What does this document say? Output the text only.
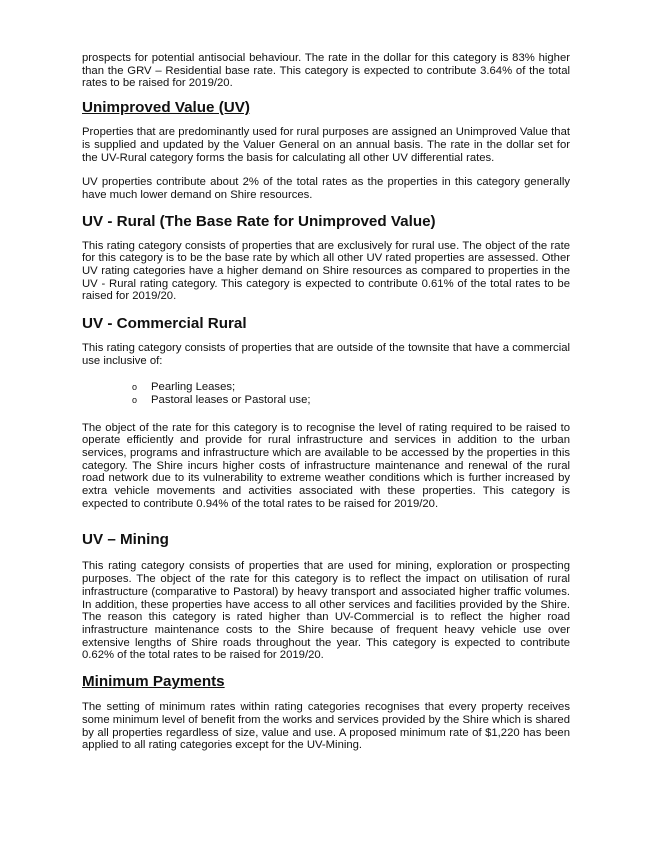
prospects for potential antisocial behaviour. The rate in the dollar for this category is 83% higher than the GRV – Residential base rate. This category is expected to contribute 3.64% of the total rates to be raised for 2019/20.

Unimproved Value (UV)

Properties that are predominantly used for rural purposes are assigned an Unimproved Value that is supplied and updated by the Valuer General on an annual basis. The rate in the dollar set for the UV-Rural category forms the basis for calculating all other UV differential rates.

UV properties contribute about 2% of the total rates as the properties in this category generally have much lower demand on Shire resources.

UV - Rural (The Base Rate for Unimproved Value)

This rating category consists of properties that are exclusively for rural use. The object of the rate for this category is to be the base rate by which all other UV rated properties are assessed. Other UV rating categories have a higher demand on Shire resources as compared to properties in the UV - Rural rating category. This category is expected to contribute 0.61% of the total rates to be raised for 2019/20.

UV - Commercial Rural

This rating category consists of properties that are outside of the townsite that have a commercial use inclusive of:

o Pearling Leases;
o Pastoral leases or Pastoral use;

The object of the rate for this category is to recognise the level of rating required to be raised to operate efficiently and provide for rural infrastructure and services in addition to the urban services, programs and infrastructure which are available to be accessed by the properties in this category. The Shire incurs higher costs of infrastructure maintenance and renewal of the rural road network due to its vulnerability to extreme weather conditions which is further increased by extra vehicle movements and activities associated with these properties. This category is expected to contribute 0.94% of the total rates to be raised for 2019/20.

UV – Mining

This rating category consists of properties that are used for mining, exploration or prospecting purposes. The object of the rate for this category is to reflect the impact on utilisation of rural infrastructure (comparative to Pastoral) by heavy transport and associated higher traffic volumes. In addition, these properties have access to all other services and facilities provided by the Shire. The reason this category is rated higher than UV-Commercial is to reflect the higher road infrastructure maintenance costs to the Shire because of frequent heavy vehicle use over extensive lengths of Shire roads throughout the year. This category is expected to contribute 0.62% of the total rates to be raised for 2019/20.

Minimum Payments

The setting of minimum rates within rating categories recognises that every property receives some minimum level of benefit from the works and services provided by the Shire which is shared by all properties regardless of size, value and use. A proposed minimum rate of $1,220 has been applied to all rating categories except for the UV-Mining.
